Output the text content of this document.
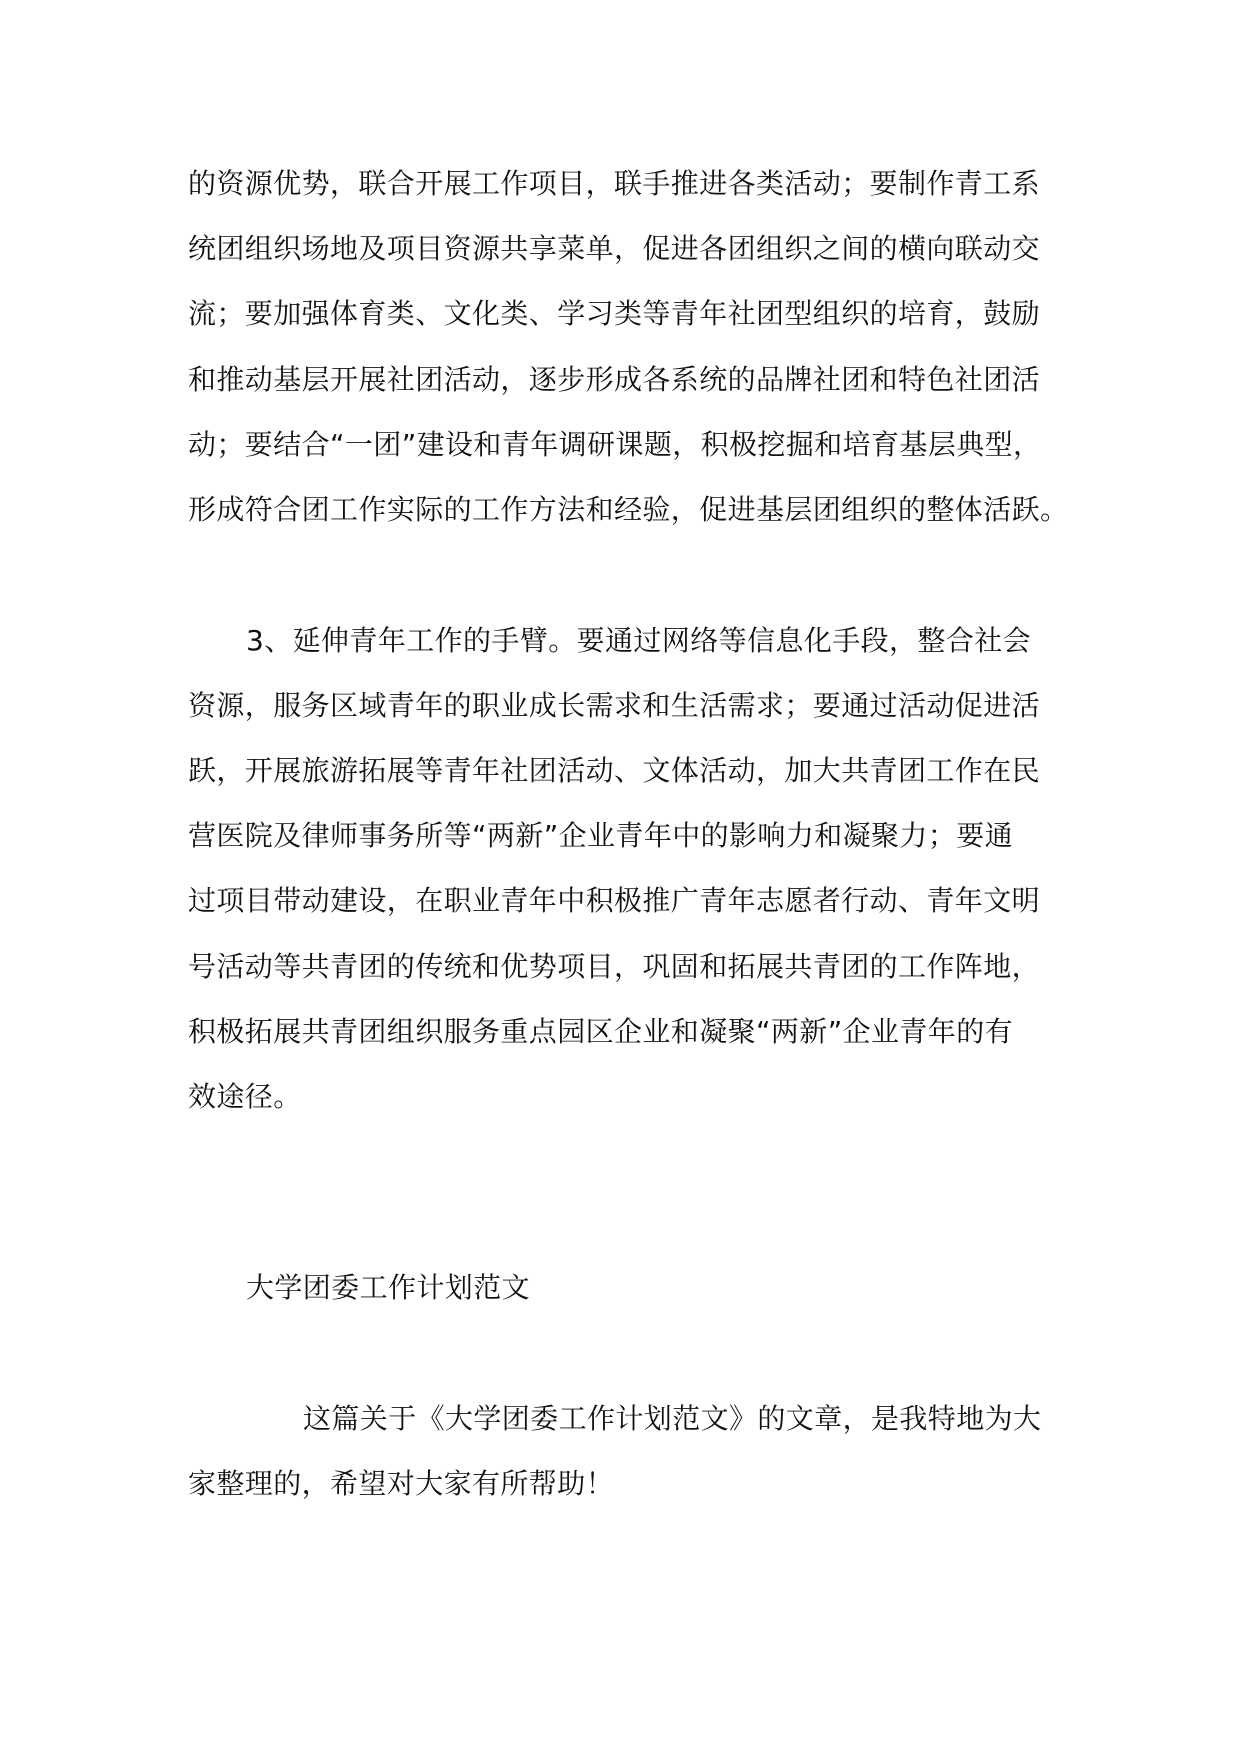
的资源优势，联合开展工作项目，联手推进各类活动；要制作青工系
统团组织场地及项目资源共享菜单，促进各团组织之间的横向联动交
流；要加强体育类、文化类、学习类等青年社团型组织的培育，鼓励
和推动基层开展社团活动，逐步形成各系统的品牌社团和特色社团活
动；要结合“一团”建设和青年调研课题，积极挖掘和培育基层典型，
形成符合团工作实际的工作方法和经验，促进基层团组织的整体活跃。
3、延伸青年工作的手臂。要通过网络等信息化手段，整合社会
资源，服务区域青年的职业成长需求和生活需求；要通过活动促进活
跃，开展旅游拓展等青年社团活动、文体活动，加大共青团工作在民
营医院及律师事务所等“两新”企业青年中的影响力和凝聚力；要通
过项目带动建设，在职业青年中积极推广青年志愿者行动、青年文明
号活动等共青团的传统和优势项目，巩固和拓展共青团的工作阵地，
积极拓展共青团组织服务重点园区企业和凝聚“两新”企业青年的有
效途径。
大学团委工作计划范文
这篇关于《大学团委工作计划范文》的文章，是我特地为大
家整理的，希望对大家有所帮助！
